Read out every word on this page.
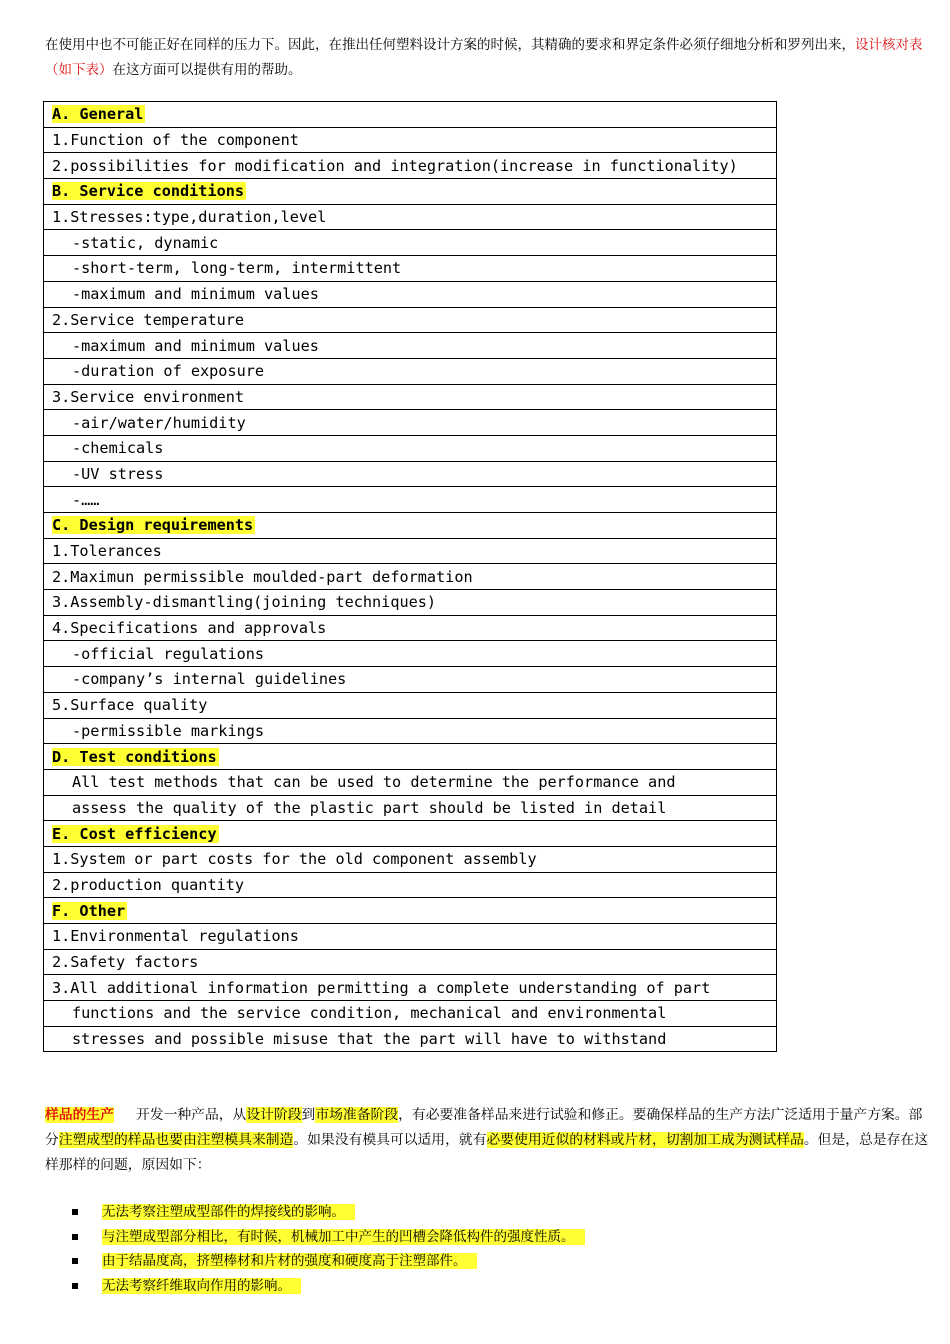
在使用中也不可能正好在同样的压力下。因此，在推出任何塑料设计方案的时候，其精确的要求和界定条件必须仔细地分析和罗列出来，设计核对表（如下表）在这方面可以提供有用的帮助。
A. General
1.Function of the component
2.possibilities for modification and integration(increase in functionality)
B. Service conditions
1.Stresses:type,duration,level
-static, dynamic
-short-term, long-term, intermittent
-maximum and minimum values
2.Service temperature
-maximum and minimum values
-duration of exposure
3.Service environment
-air/water/humidity
-chemicals
-UV stress
-……
C. Design requirements
1.Tolerances
2.Maximun permissible moulded-part deformation
3.Assembly-dismantling(joining techniques)
4.Specifications and approvals
-official regulations
-company’s internal guidelines
5.Surface quality
-permissible markings
D. Test conditions
All test methods that can be used to determine the performance and
assess the quality of the plastic part should be listed in detail
E. Cost efficiency
1.System or part costs for the old component assembly
2.production quantity
F. Other
1.Environmental regulations
2.Safety factors
3.All additional information permitting a complete understanding of part
functions and the service condition, mechanical and environmental
stresses and possible misuse that the part will have to withstand
样品的生产 开发一种产品，从设计阶段到市场准备阶段，有必要准备样品来进行试验和修正。要确保样品的生产方法广泛适用于量产方案。部分注塑成型的样品也要由注塑模具来制造。如果没有模具可以适用，就有必要使用近似的材料或片材，切割加工成为测试样品。但是，总是存在这样那样的问题，原因如下：
无法考察注塑成型部件的焊接线的影响。
与注塑成型部分相比，有时候，机械加工中产生的凹槽会降低构件的强度性质。
由于结晶度高，挤塑棒材和片材的强度和硬度高于注塑部件。
无法考察纤维取向作用的影响。
